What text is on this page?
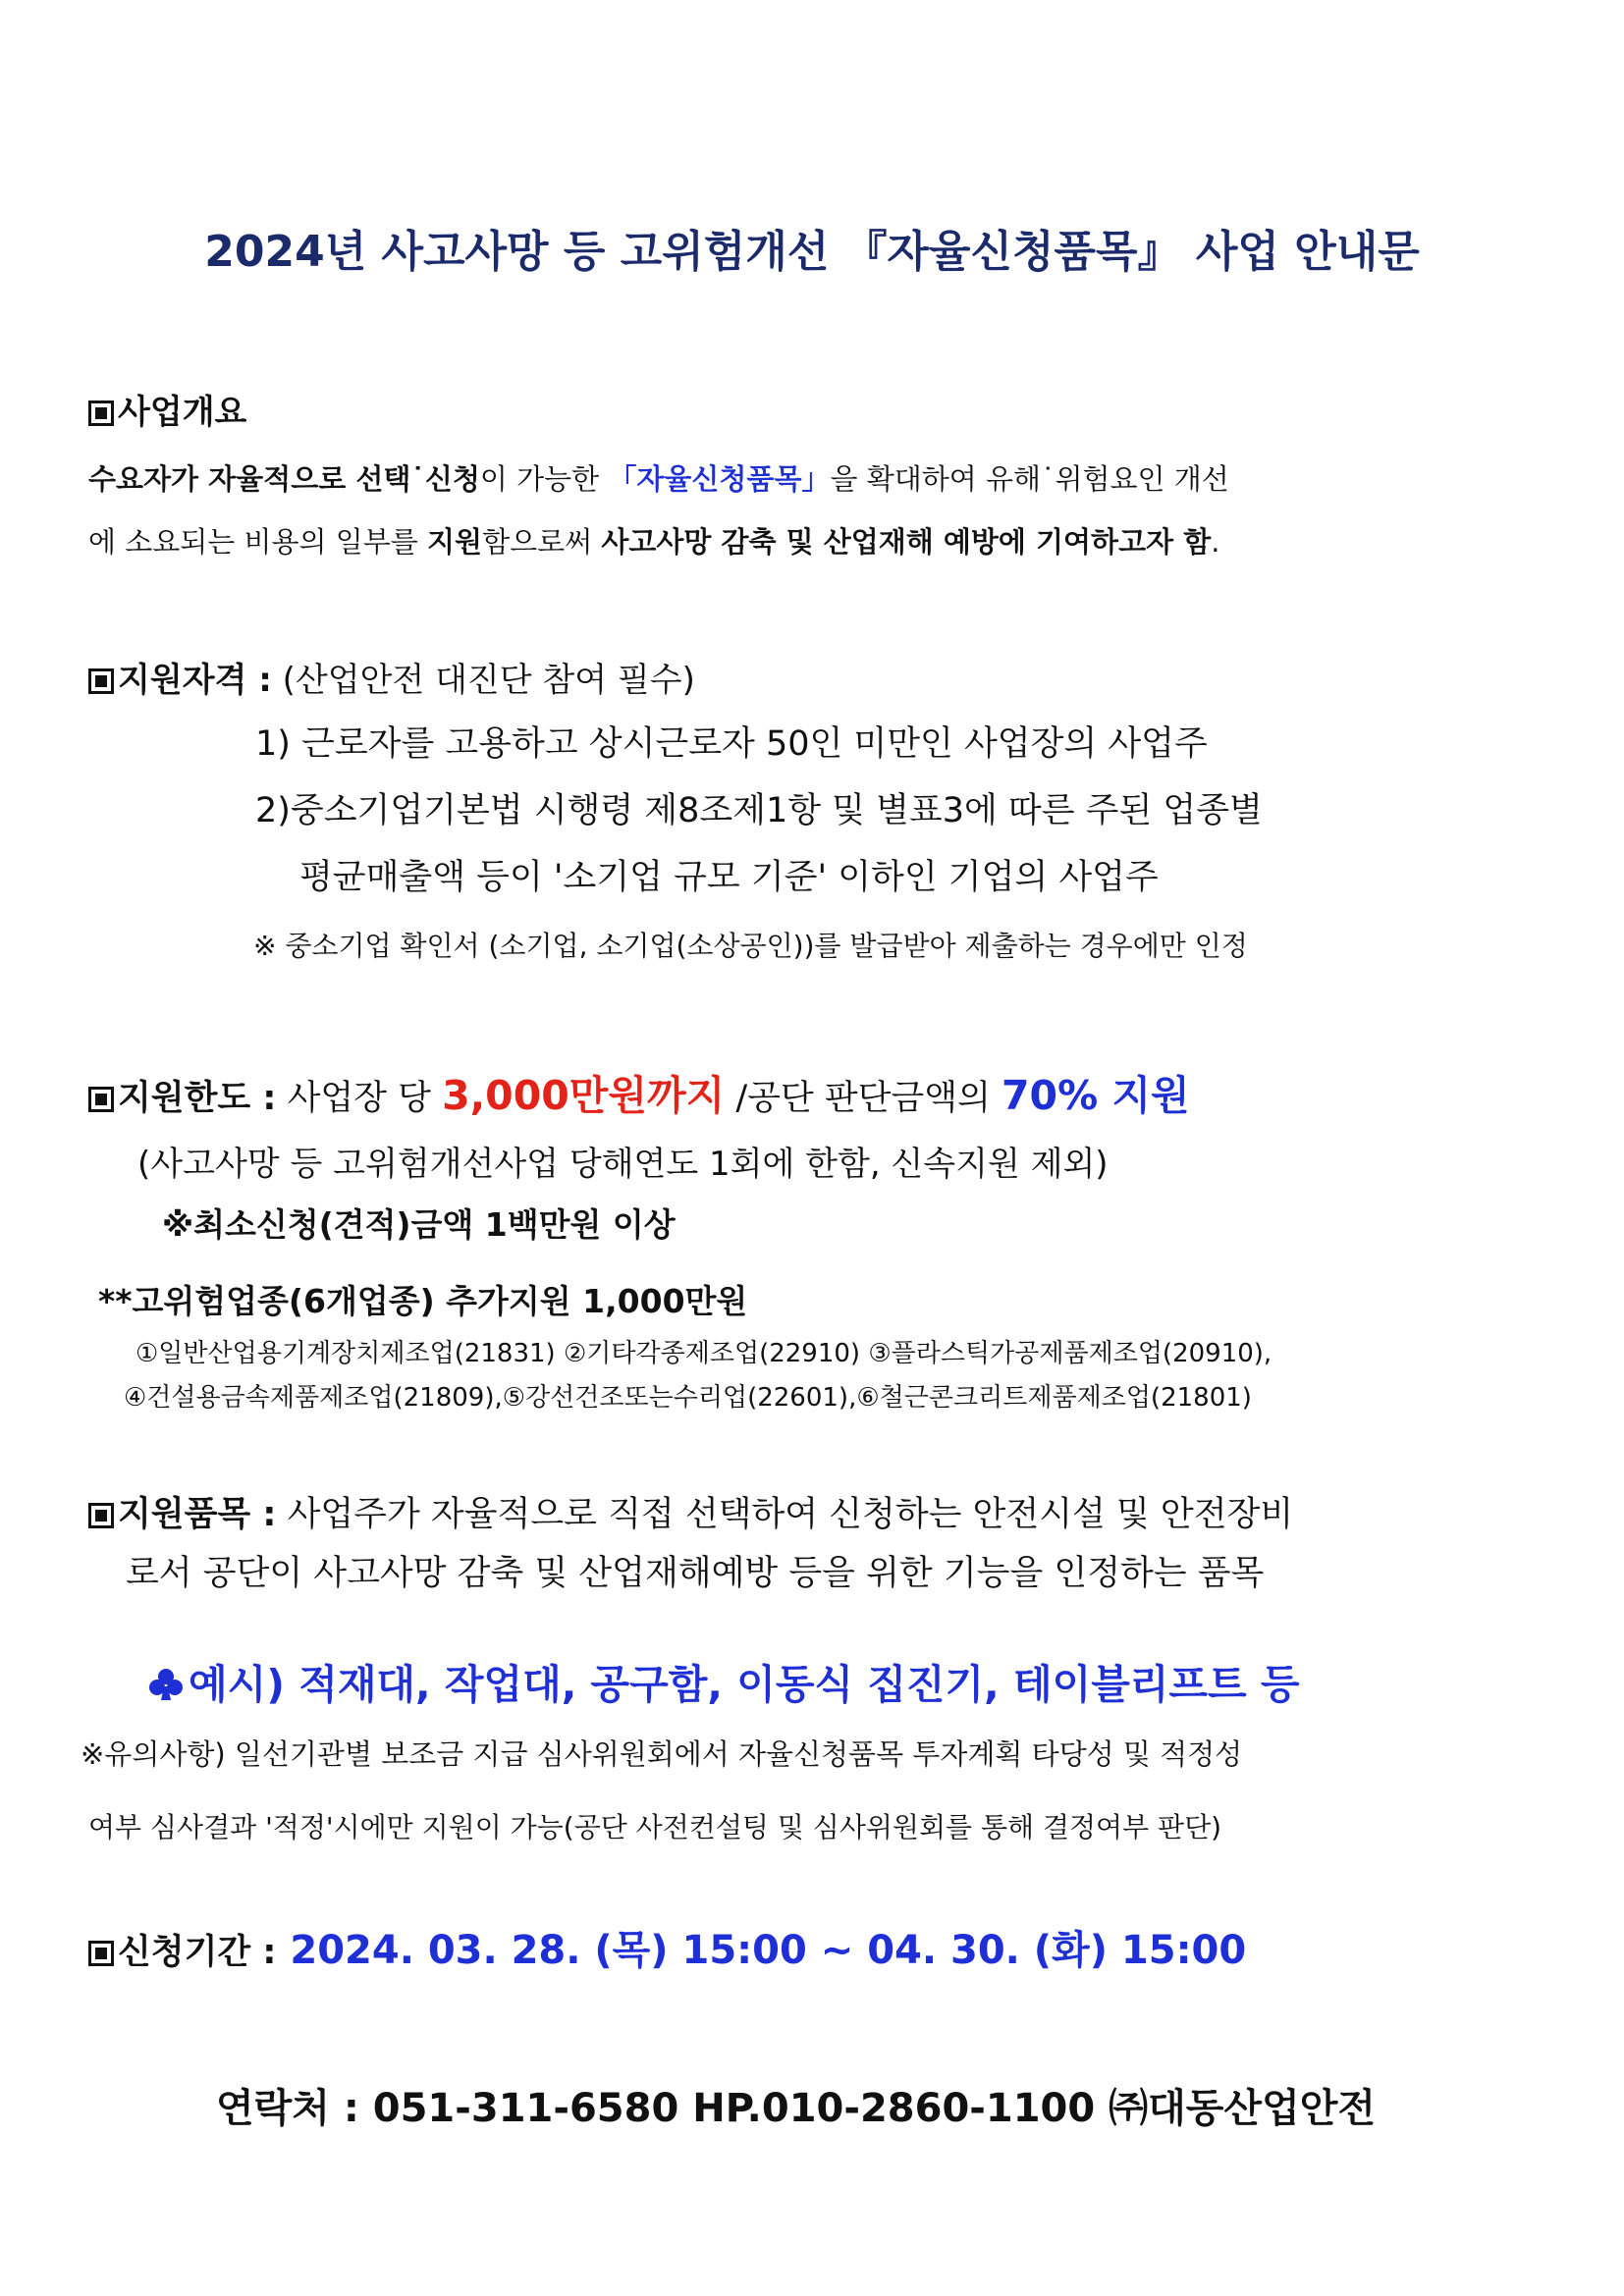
2024년 사고사망 등 고위험개선 『자율신청품목』 사업 안내문
사업개요
수요자가 자율적으로 선택˙신청이 가능한 「자율신청품목」을 확대하여 유해˙위험요인 개선
에 소요되는 비용의 일부를 지원함으로써 사고사망 감축 및 산업재해 예방에 기여하고자 함.
지원자격 : (산업안전 대진단 참여 필수)
1) 근로자를 고용하고 상시근로자 50인 미만인 사업장의 사업주
2)중소기업기본법 시행령 제8조제1항 및 별표3에 따른 주된 업종별
평균매출액 등이 '소기업 규모 기준' 이하인 기업의 사업주
※ 중소기업 확인서 (소기업, 소기업(소상공인))를 발급받아 제출하는 경우에만 인정
지원한도 : 사업장 당 3,000만원까지 /공단 판단금액의 70% 지원
(사고사망 등 고위험개선사업 당해연도 1회에 한함, 신속지원 제외)
※최소신청(견적)금액 1백만원 이상
**고위험업종(6개업종) 추가지원 1,000만원
①일반산업용기계장치제조업(21831) ②기타각종제조업(22910) ③플라스틱가공제품제조업(20910),
④건설용금속제품제조업(21809),⑤강선건조또는수리업(22601),⑥철근콘크리트제품제조업(21801)
지원품목 : 사업주가 자율적으로 직접 선택하여 신청하는 안전시설 및 안전장비
로서 공단이 사고사망 감축 및 산업재해예방 등을 위한 기능을 인정하는 품목
예시) 적재대, 작업대, 공구함, 이동식 집진기, 테이블리프트 등
※유의사항) 일선기관별 보조금 지급 심사위원회에서 자율신청품목 투자계획 타당성 및 적정성
여부 심사결과 '적정'시에만 지원이 가능(공단 사전컨설팅 및 심사위원회를 통해 결정여부 판단)
신청기간 : 2024. 03. 28. (목) 15:00 ~ 04. 30. (화) 15:00
연락처 : 051-311-6580 HP.010-2860-1100 ㈜대동산업안전
